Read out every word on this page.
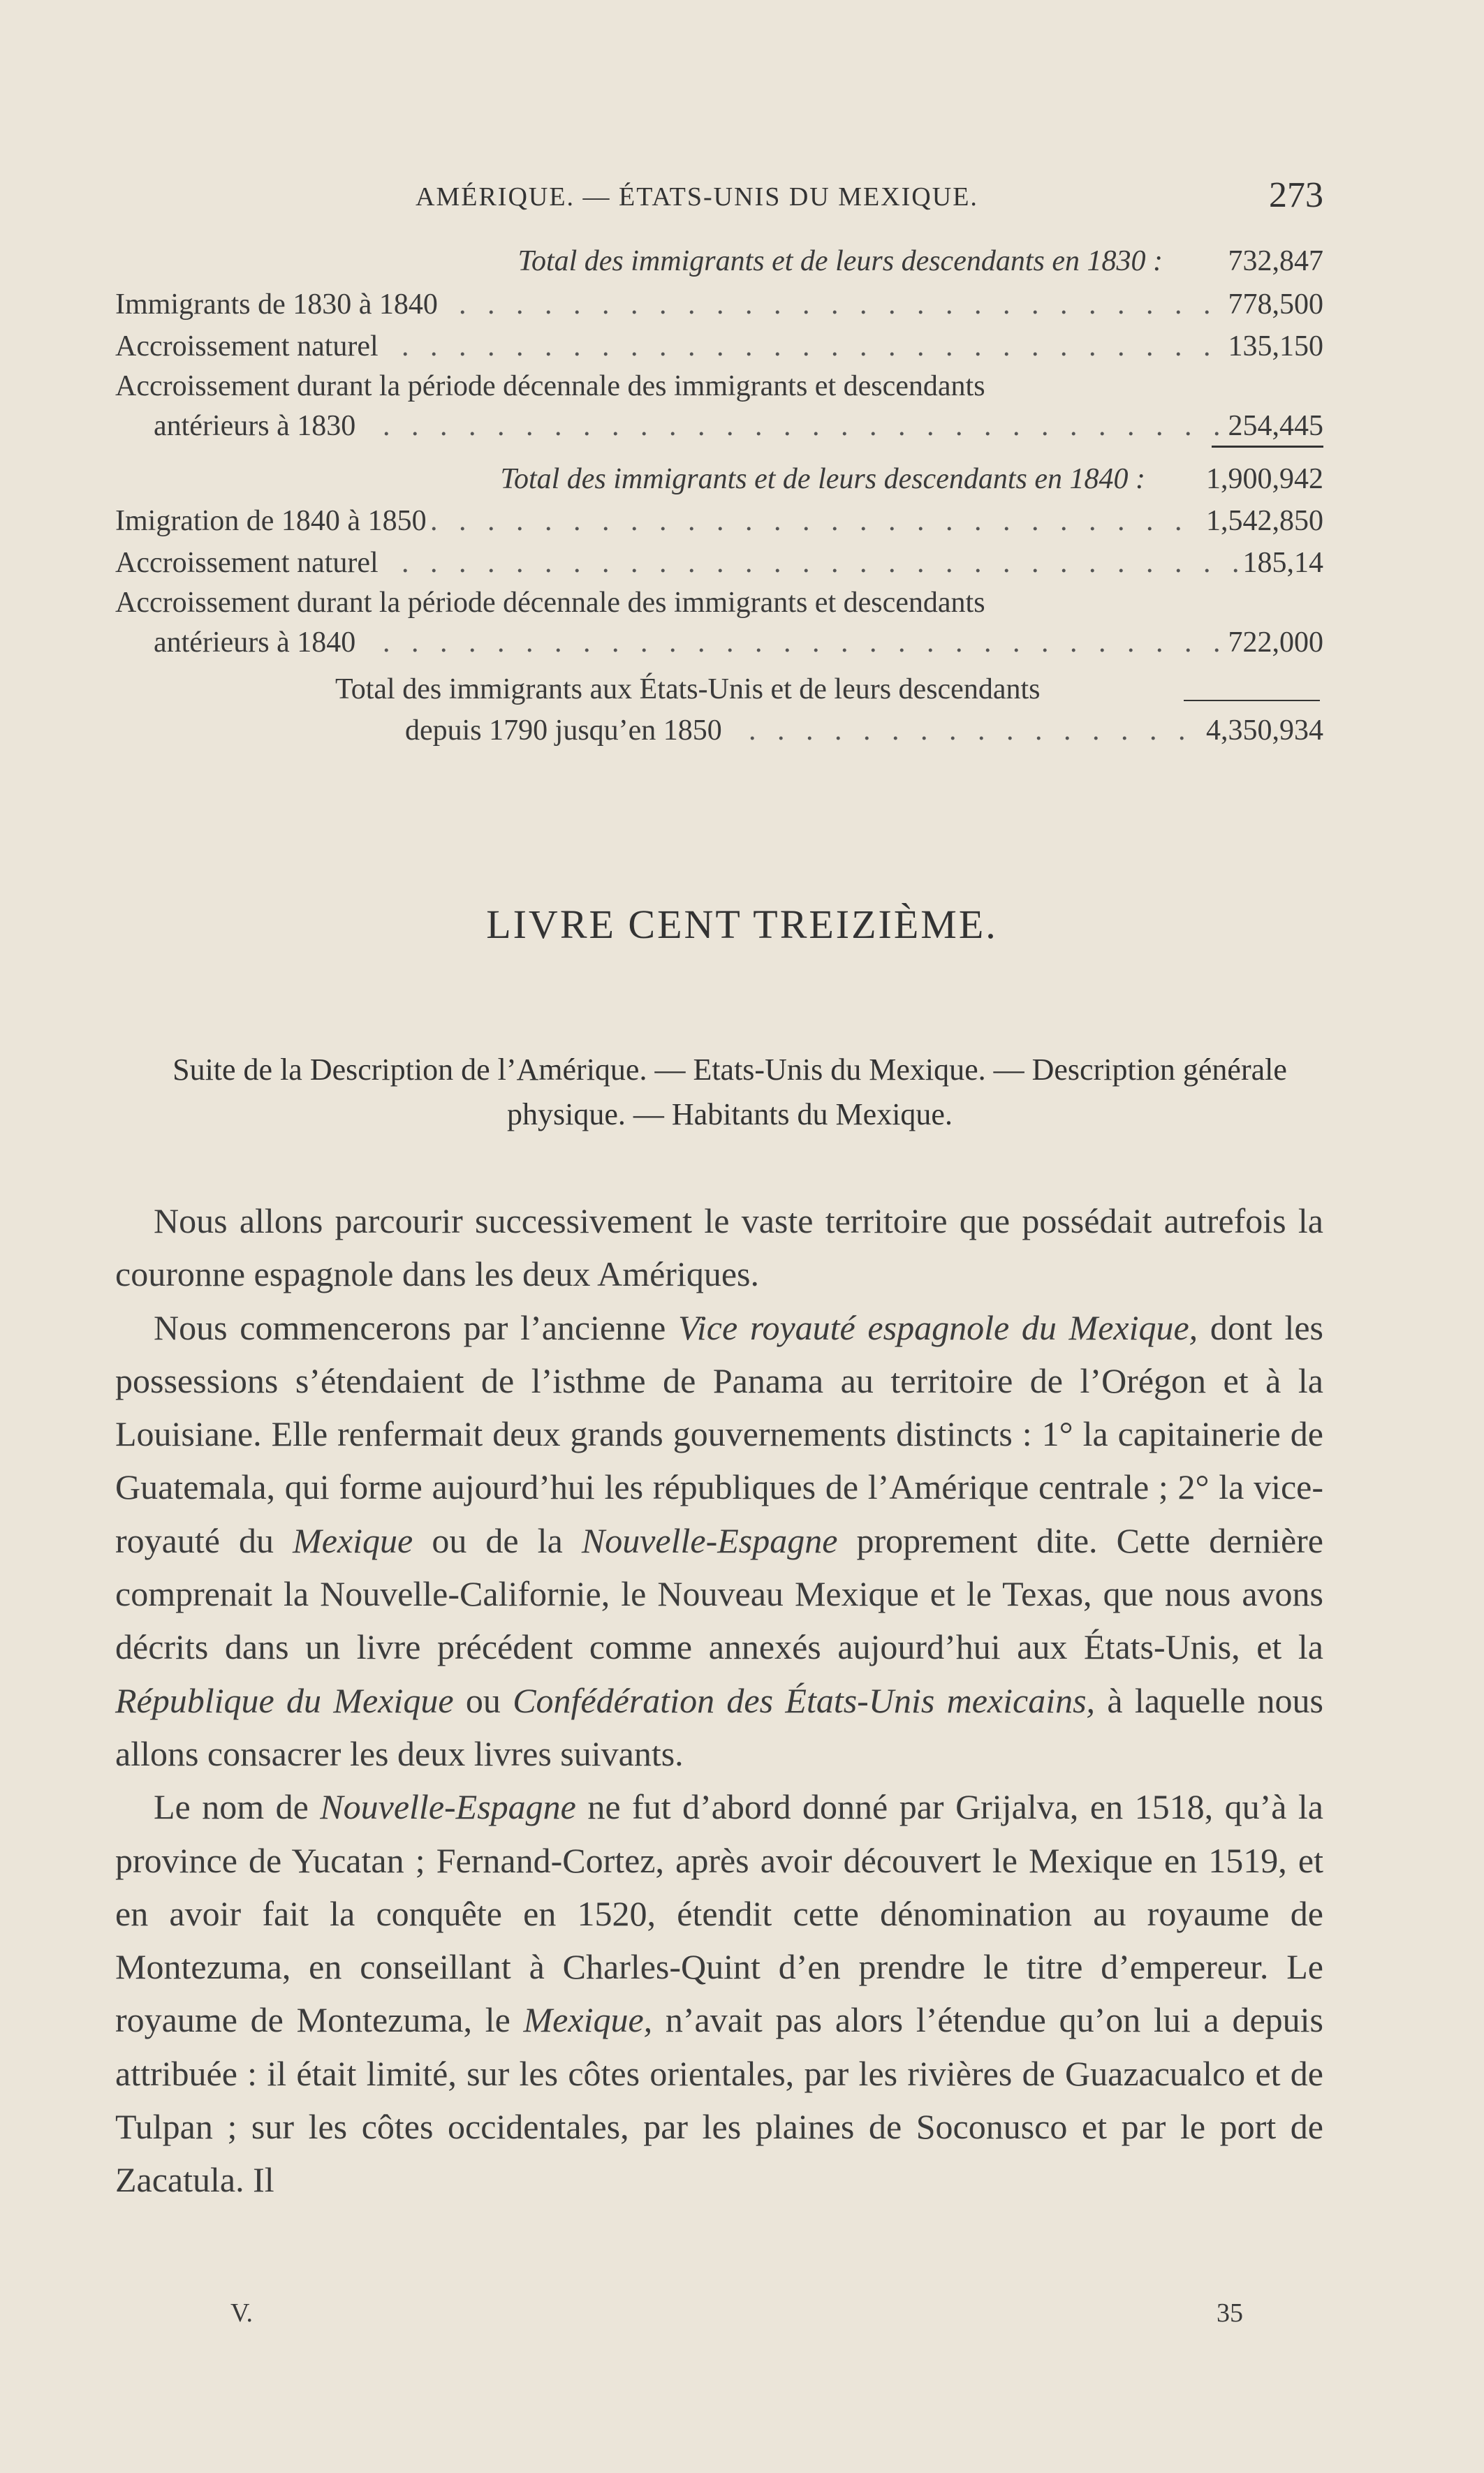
AMÉRIQUE. — ÉTATS-UNIS DU MEXIQUE.	273
Total des immigrants et de leurs descendants en 1830 : 732,847
. . .
Immigrants de 1830 à 1840	778,500
. . .
Accroissement naturel	135,150
Accroissement durant la période décennale des immigrants et descendants
. . .
antérieurs à 1830	254,445
Total des immigrants et de leurs descendants en 1840 : 1,900,942
. . .
Imigration de 1840 à 1850	1,542,850
. . .
Accroissement naturel	185,14
Accroissement durant la période décennale des immigrants et descendants
. . .
antérieurs à 1840	722,000
Total des immigrants aux États-Unis et de leurs descendants
. . .
depuis 1790 jusqu’en 1850	4,350,934
LIVRE CENT TREIZIÈME.
Suite de la Description de l’Amérique. — Etats-Unis du Mexique. — Description générale physique. — Habitants du Mexique.

Nous allons parcourir successivement le vaste territoire que possédait autrefois la couronne espagnole dans les deux Amériques.

Nous commencerons par l’ancienne Vice royauté espagnole du Mexique, dont les possessions s’étendaient de l’isthme de Panama au territoire de l’Orégon et à la Louisiane. Elle renfermait deux grands gouvernements distincts : 1° la capitainerie de Guatemala, qui forme aujourd’hui les républiques de l’Amérique centrale ; 2° la vice-royauté du Mexique ou de la Nouvelle-Espagne proprement dite. Cette dernière comprenait la Nouvelle-Californie, le Nouveau Mexique et le Texas, que nous avons décrits dans un livre précédent comme annexés aujourd’hui aux États-Unis, et la République du Mexique ou Confédération des États-Unis mexicains, à laquelle nous allons consacrer les deux livres suivants.

Le nom de Nouvelle-Espagne ne fut d’abord donné par Grijalva, en 1518, qu’à la province de Yucatan ; Fernand-Cortez, après avoir découvert le Mexique en 1519, et en avoir fait la conquête en 1520, étendit cette dénomination au royaume de Montezuma, en conseillant à Charles-Quint d’en prendre le titre d’empereur. Le royaume de Montezuma, le Mexique, n’avait pas alors l’étendue qu’on lui a depuis attribuée : il était limité, sur les côtes orientales, par les rivières de Guazacualco et de Tulpan ; sur les côtes occidentales, par les plaines de Soconusco et par le port de Zacatula. Il

V.	35
